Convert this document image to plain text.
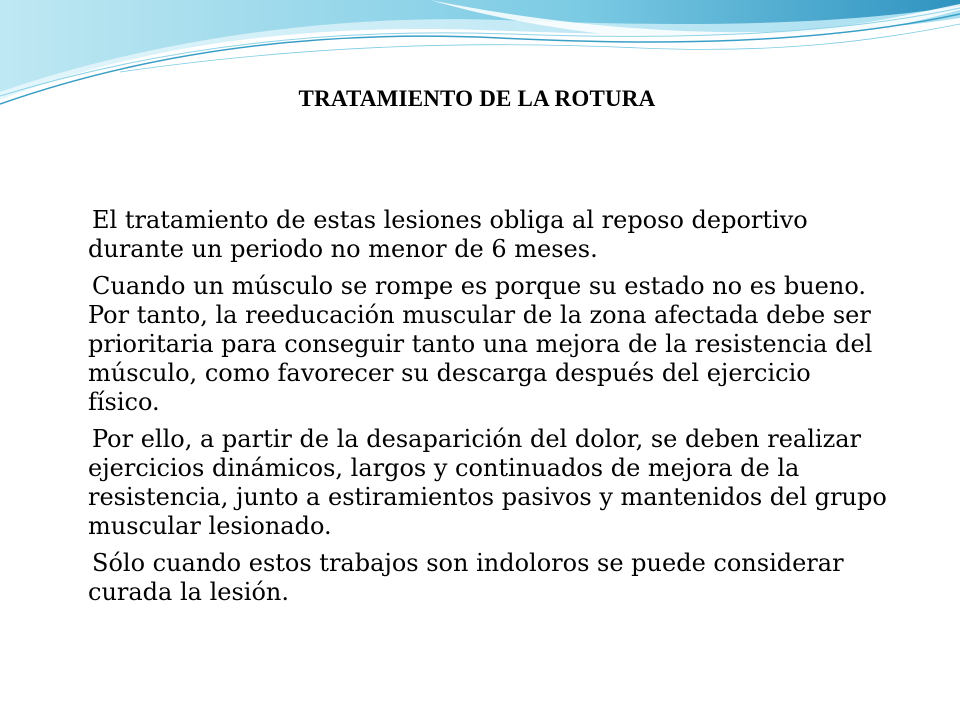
TRATAMIENTO DE LA ROTURA

El tratamiento de estas lesiones obliga al reposo deportivo durante un periodo no menor de 6 meses.

Cuando un músculo se rompe es porque su estado no es bueno. Por tanto, la reeducación muscular de la zona afectada debe ser prioritaria para conseguir tanto una mejora de la resistencia del músculo, como favorecer su descarga después del ejercicio físico.

Por ello, a partir de la desaparición del dolor, se deben realizar ejercicios dinámicos, largos y continuados de mejora de la resistencia, junto a estiramientos pasivos y mantenidos del grupo muscular lesionado.

Sólo cuando estos trabajos son indoloros se puede considerar curada la lesión.
